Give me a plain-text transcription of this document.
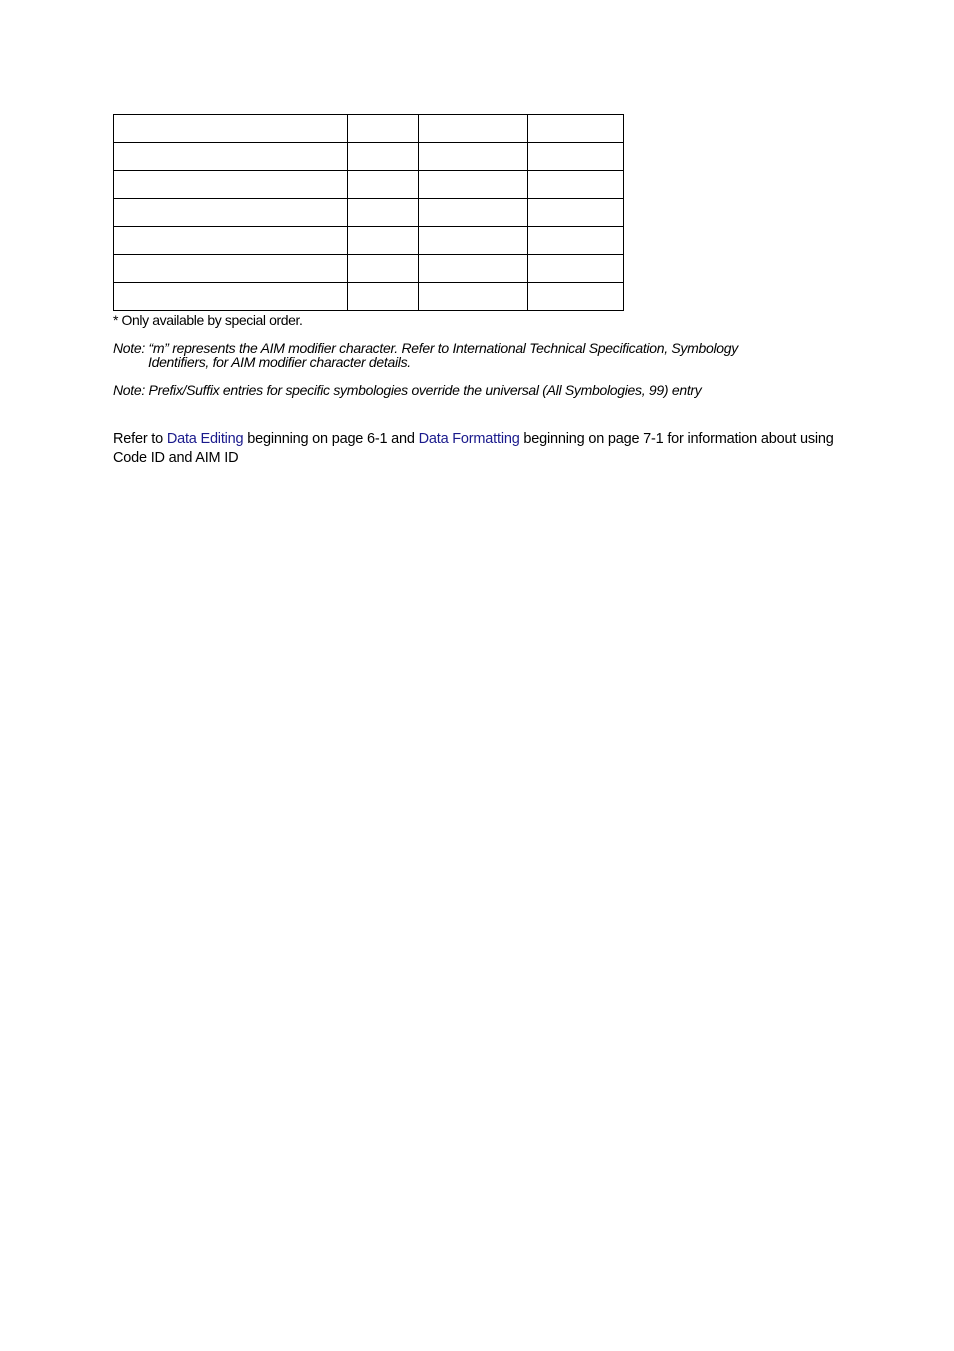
* Only available by special order.
Note: “m” represents the AIM modifier character. Refer to International Technical Specification, Symbology
Identifiers, for AIM modifier character details.
Note: Prefix/Suffix entries for specific symbologies override the universal (All Symbologies, 99) entry
Refer to Data Editing beginning on page 6-1 and Data Formatting beginning on page 7-1 for information about using Code ID and AIM ID
